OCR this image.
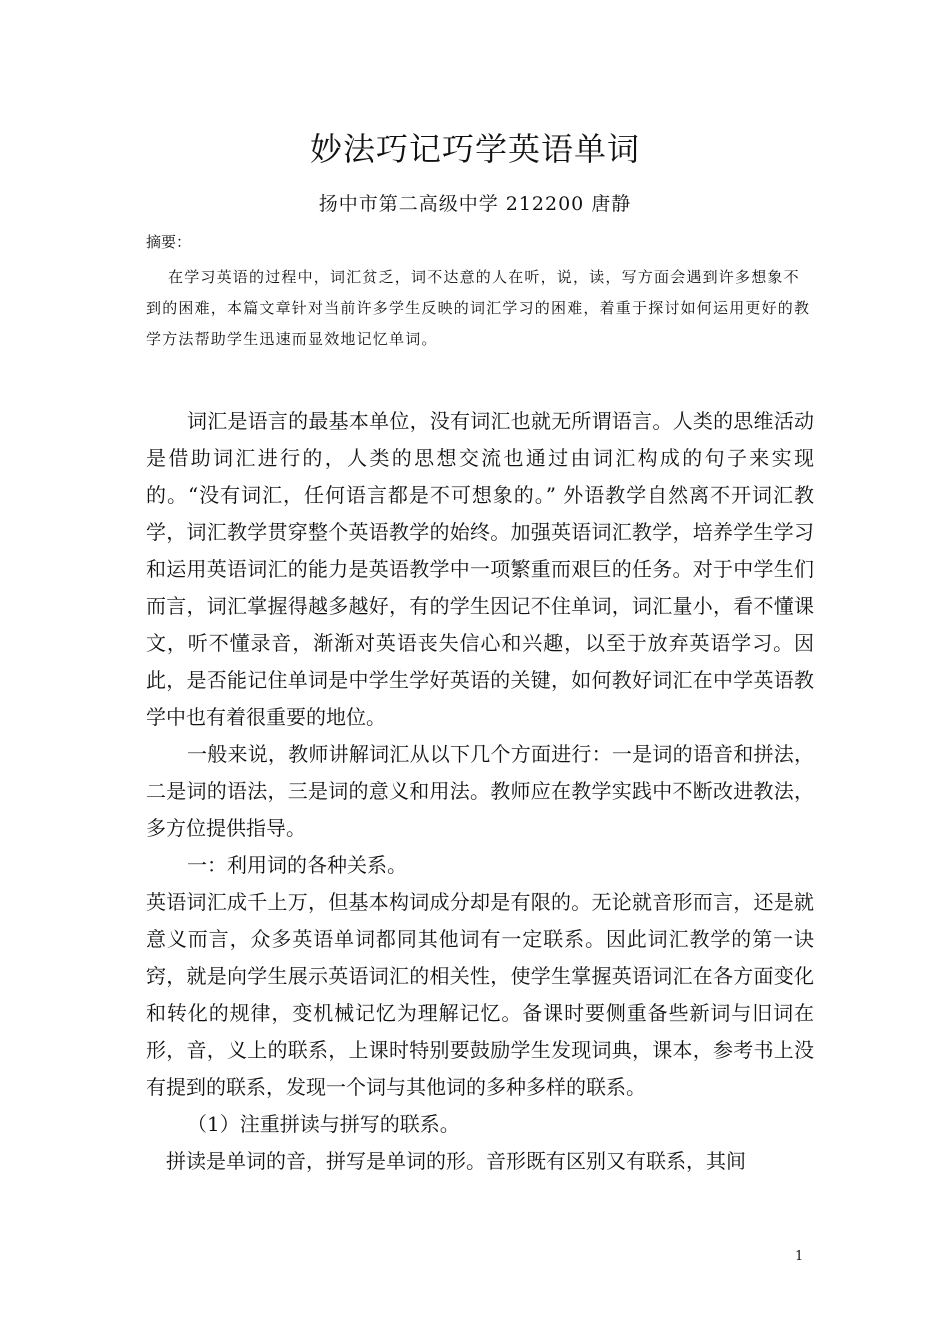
妙法巧记巧学英语单词
扬中市第二高级中学 212200 唐静
摘要：

在学习英语的过程中，词汇贫乏，词不达意的人在听，说，读，写方面会遇到许多想象不到的困难，本篇文章针对当前许多学生反映的词汇学习的困难，着重于探讨如何运用更好的教学方法帮助学生迅速而显效地记忆单词。

词汇是语言的最基本单位，没有词汇也就无所谓语言。人类的思维活动是借助词汇进行的，人类的思想交流也通过由词汇构成的句子来实现的。“没有词汇，任何语言都是不可想象的。” 外语教学自然离不开词汇教学，词汇教学贯穿整个英语教学的始终。加强英语词汇教学，培养学生学习和运用英语词汇的能力是英语教学中一项繁重而艰巨的任务。对于中学生们而言，词汇掌握得越多越好，有的学生因记不住单词，词汇量小，看不懂课文，听不懂录音，渐渐对英语丧失信心和兴趣，以至于放弃英语学习。因此，是否能记住单词是中学生学好英语的关键，如何教好词汇在中学英语教学中也有着很重要的地位。

一般来说，教师讲解词汇从以下几个方面进行：一是词的语音和拼法，二是词的语法，三是词的意义和用法。教师应在教学实践中不断改进教法，多方位提供指导。

一：利用词的各种关系。

英语词汇成千上万，但基本构词成分却是有限的。无论就音形而言，还是就意义而言，众多英语单词都同其他词有一定联系。因此词汇教学的第一诀窍，就是向学生展示英语词汇的相关性，使学生掌握英语词汇在各方面变化和转化的规律，变机械记忆为理解记忆。备课时要侧重备些新词与旧词在形，音，义上的联系，上课时特别要鼓励学生发现词典，课本，参考书上没有提到的联系，发现一个词与其他词的多种多样的联系。

（1）注重拼读与拼写的联系。

拼读是单词的音，拼写是单词的形。音形既有区别又有联系，其间

1
